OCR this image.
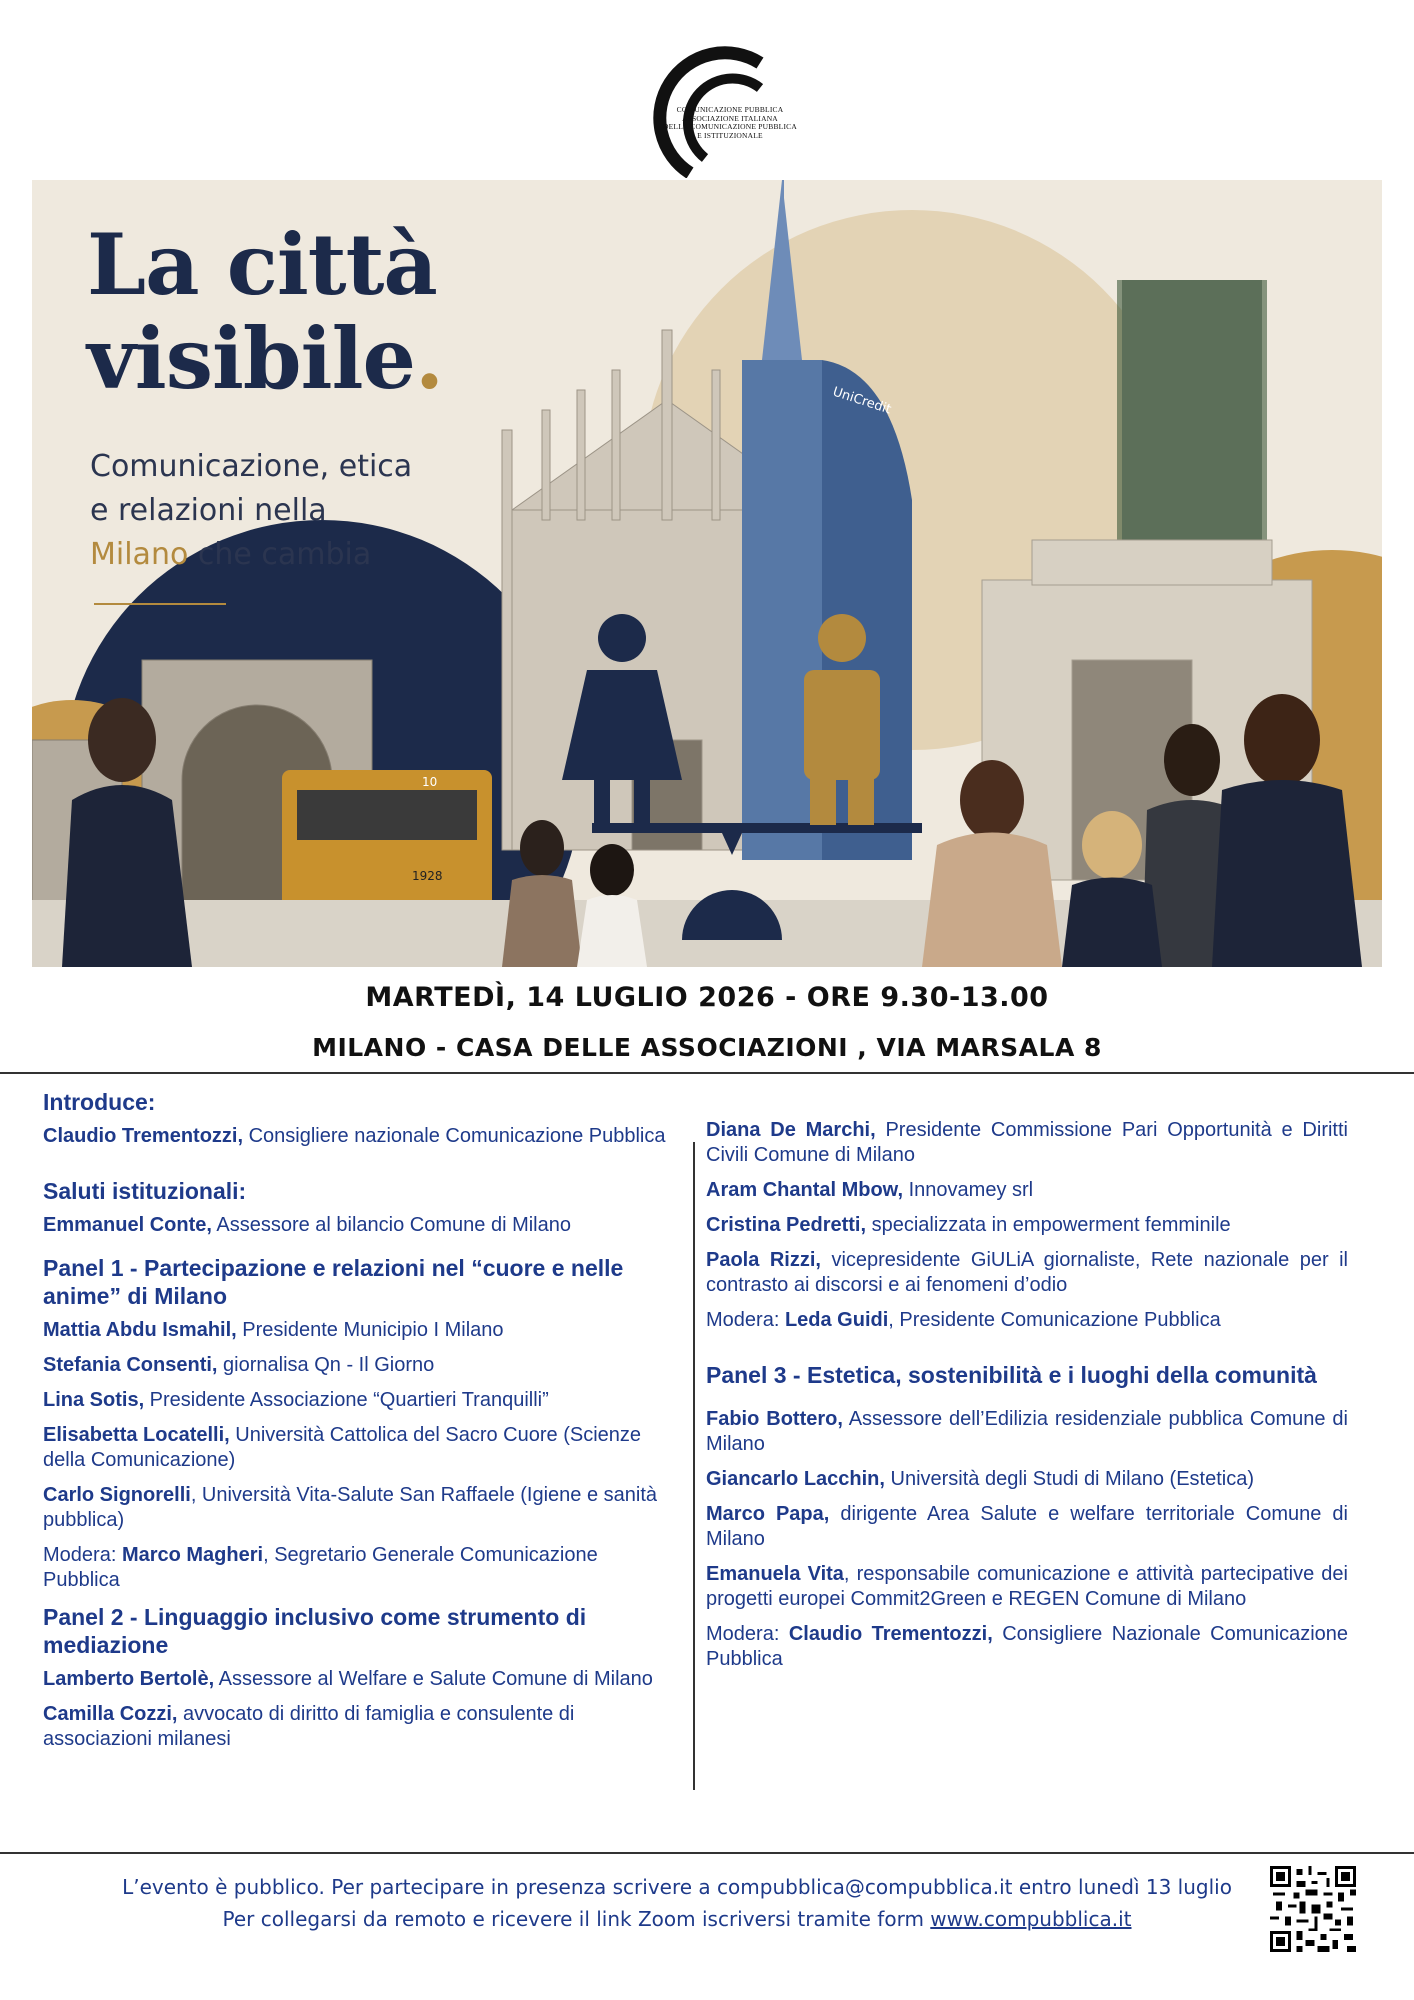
COMUNICAZIONE PUBBLICA
ASSOCIAZIONE ITALIANA
DELLA COMUNICAZIONE PUBBLICA
E ISTITUZIONALE
UniCredit
1928
10
La città
visibile.
Comunicazione, etica
e relazioni nella
Milano che cambia
MARTEDÌ, 14 LUGLIO 2026 - ORE 9.30-13.00
MILANO - CASA DELLE ASSOCIAZIONI , VIA MARSALA 8
Introduce:
Claudio Trementozzi, Consigliere nazionale Comunicazione Pubblica
Saluti istituzionali:
Emmanuel Conte, Assessore al bilancio Comune di Milano
Panel 1 - Partecipazione e relazioni nel “cuore e nelle anime” di Milano
Mattia Abdu Ismahil, Presidente Municipio I Milano
Stefania Consenti, giornalisa Qn - Il Giorno
Lina Sotis, Presidente Associazione “Quartieri Tranquilli”
Elisabetta Locatelli, Università Cattolica del Sacro Cuore (Scienze della Comunicazione)
Carlo Signorelli, Università Vita-Salute San Raffaele (Igiene e sanità pubblica)
Modera: Marco Magheri, Segretario Generale Comunicazione Pubblica
Panel 2 - Linguaggio inclusivo come strumento di mediazione
Lamberto Bertolè, Assessore al Welfare e Salute Comune di Milano
Camilla Cozzi, avvocato di diritto di famiglia e consulente di associazioni milanesi
Diana De Marchi, Presidente Commissione Pari Opportunità e Diritti Civili Comune di Milano
Aram Chantal Mbow, Innovamey srl
Cristina Pedretti, specializzata in empowerment femminile
Paola Rizzi, vicepresidente GiULiA giornaliste, Rete nazionale per il contrasto ai discorsi e ai fenomeni d’odio
Modera: Leda Guidi, Presidente Comunicazione Pubblica
Panel 3 - Estetica, sostenibilità e i luoghi della comunità
Fabio Bottero, Assessore dell’Edilizia residenziale pubblica Comune di Milano
Giancarlo Lacchin, Università degli Studi di Milano (Estetica)
Marco Papa, dirigente Area Salute e welfare territoriale Comune di Milano
Emanuela Vita, responsabile comunicazione e attività partecipative dei progetti europei Commit2Green e REGEN Comune di Milano
Modera: Claudio Trementozzi, Consigliere Nazionale Comunicazione Pubblica
L’evento è pubblico. Per partecipare in presenza scrivere a compubblica@compubblica.it entro lunedì 13 luglio
Per collegarsi da remoto e ricevere il link Zoom iscriversi tramite form www.compubblica.it
